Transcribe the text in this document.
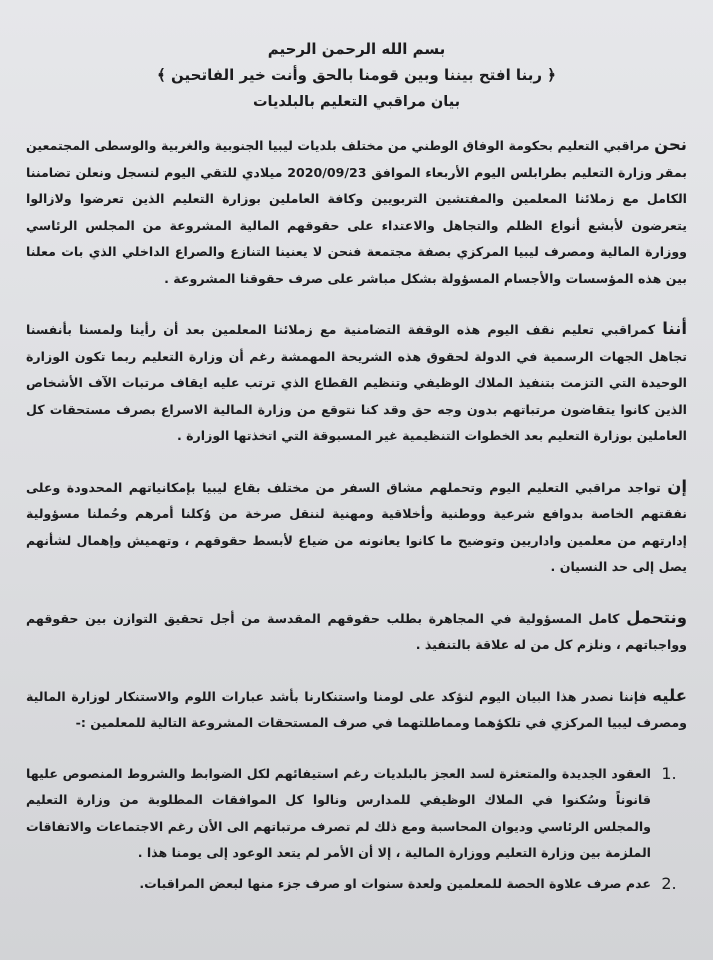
بسم الله الرحمن الرحيم
﴿ ربنا افتح بيننا وبين قومنا بالحق وأنت خير الفاتحين ﴾
بيان مراقبي التعليم بالبلديات

نحن مراقبي التعليم بحكومة الوفاق الوطني من مختلف بلديات ليبيا الجنوبية والغربية والوسطى المجتمعين بمقر وزارة التعليم بطرابلس اليوم الأربعاء الموافق 2020/09/23 ميلادي للتقي اليوم لنسجل ونعلن تضامننا الكامل مع زملائنا المعلمين والمفتشين التربويين وكافة العاملين بوزارة التعليم الذين تعرضوا ولازالوا يتعرضون لأبشع أنواع الظلم والتجاهل والاعتداء على حقوقهم المالية المشروعة من المجلس الرئاسي ووزارة المالية ومصرف ليبيا المركزي بصفة مجتمعة فنحن لا يعنينا التنازع والصراع الداخلي الذي بات معلنا بين هذه المؤسسات والأجسام المسؤولة بشكل مباشر على صرف حقوقنا المشروعة .

أننا كمراقبي تعليم نقف اليوم هذه الوقفة التضامنية مع زملائنا المعلمين بعد أن رأينا ولمسنا بأنفسنا تجاهل الجهات الرسمية في الدولة لحقوق هذه الشريحة المهمشة رغم أن وزارة التعليم ربما تكون الوزارة الوحيدة التي التزمت بتنفيذ الملاك الوظيفي وتنظيم القطاع الذي ترتب عليه ايقاف مرتبات الآف الأشخاص الذين كانوا يتقاضون مرتباتهم بدون وجه حق وقد كنا نتوقع من وزارة المالية الاسراع بصرف مستحقات كل العاملين بوزارة التعليم بعد الخطوات التنظيمية غير المسبوقة التي اتخذتها الوزارة .

إن تواجد مراقبي التعليم اليوم وتحملهم مشاق السفر من مختلف بقاع ليبيا بإمكانياتهم المحدودة وعلى نفقتهم الخاصة بدوافع شرعية ووطنية وأخلاقية ومهنية لننقل صرخة من وُكلنا أمرهم وحُملنا مسؤولية إدارتهم من معلمين واداريين وتوضيح ما كانوا يعانونه من ضياع لأبسط حقوقهم ، وتهميش وإهمال لشأنهم يصل إلى حد النسيان .

ونتحمل كامل المسؤولية في المجاهرة بطلب حقوقهم المقدسة من أجل تحقيق التوازن بين حقوقهم وواجباتهم ، ونلزم كل من له علاقة بالتنفيذ .

عليه فإننا نصدر هذا البيان اليوم لنؤكد على لومنا واستنكارنا بأشد عبارات اللوم والاستنكار لوزارة المالية ومصرف ليبيا المركزي في تلكؤهما ومماطلتهما في صرف المستحقات المشروعة التالية للمعلمين :-

1.
العقود الجديدة والمتعثرة لسد العجز بالبلديات رغم استيفائهم لكل الضوابط والشروط المنصوص عليها قانوناً وسُكنوا في الملاك الوظيفي للمدارس ونالوا كل الموافقات المطلوبة من وزارة التعليم والمجلس الرئاسي وديوان المحاسبة ومع ذلك لم تصرف مرتباتهم الى الأن رغم الاجتماعات والاتفاقات الملزمة بين وزارة التعليم ووزارة المالية ، إلا أن الأمر لم يتعد الوعود إلى يومنا هذا .
2.
عدم صرف علاوة الحصة للمعلمين ولعدة سنوات او صرف جزء منها لبعض المراقبات.
